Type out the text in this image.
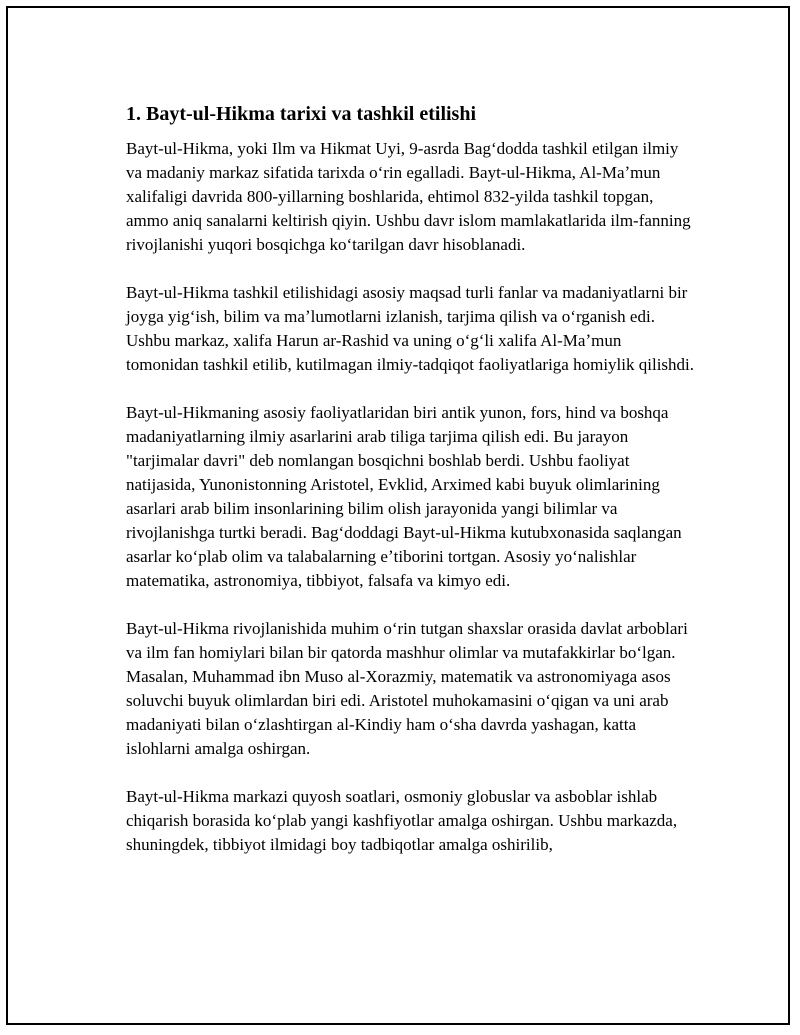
1. Bayt-ul-Hikma tarixi va tashkil etilishi

Bayt-ul-Hikma, yoki Ilm va Hikmat Uyi, 9-asrda Bagʻdodda tashkil etilgan ilmiy va madaniy markaz sifatida tarixda oʻrin egalladi. Bayt-ul-Hikma, Al-Maʼmun xalifaligi davrida 800-yillarning boshlarida, ehtimol 832-yilda tashkil topgan, ammo aniq sanalarni keltirish qiyin. Ushbu davr islom mamlakatlarida ilm-fanning rivojlanishi yuqori bosqichga koʻtarilgan davr hisoblanadi.

Bayt-ul-Hikma tashkil etilishidagi asosiy maqsad turli fanlar va madaniyatlarni bir joyga yigʻish, bilim va maʼlumotlarni izlanish, tarjima qilish va oʻrganish edi. Ushbu markaz, xalifa Harun ar-Rashid va uning oʻgʻli xalifa Al-Maʼmun tomonidan tashkil etilib, kutilmagan ilmiy-tadqiqot faoliyatlariga homiylik qilishdi.

Bayt-ul-Hikmaning asosiy faoliyatlaridan biri antik yunon, fors, hind va boshqa madaniyatlarning ilmiy asarlarini arab tiliga tarjima qilish edi. Bu jarayon "tarjimalar davri" deb nomlangan bosqichni boshlab berdi. Ushbu faoliyat natijasida, Yunonistonning Aristotel, Evklid, Arximed kabi buyuk olimlarining asarlari arab bilim insonlarining bilim olish jarayonida yangi bilimlar va rivojlanishga turtki beradi. Bagʻdoddagi Bayt-ul-Hikma kutubxonasida saqlangan asarlar koʻplab olim va talabalarning eʼtiborini tortgan. Asosiy yoʻnalishlar matematika, astronomiya, tibbiyot, falsafa va kimyo edi.

Bayt-ul-Hikma rivojlanishida muhim oʻrin tutgan shaxslar orasida davlat arboblari va ilm fan homiylari bilan bir qatorda mashhur olimlar va mutafakkirlar boʻlgan. Masalan, Muhammad ibn Muso al-Xorazmiy, matematik va astronomiyaga asos soluvchi buyuk olimlardan biri edi. Aristotel muhokamasini oʻqigan va uni arab madaniyati bilan oʻzlashtirgan al-Kindiy ham oʻsha davrda yashagan, katta islohlarni amalga oshirgan.

Bayt-ul-Hikma markazi quyosh soatlari, osmoniy globuslar va asboblar ishlab chiqarish borasida koʻplab yangi kashfiyotlar amalga oshirgan. Ushbu markazda, shuningdek, tibbiyot ilmidagi boy tadbiqotlar amalga oshirilib,
